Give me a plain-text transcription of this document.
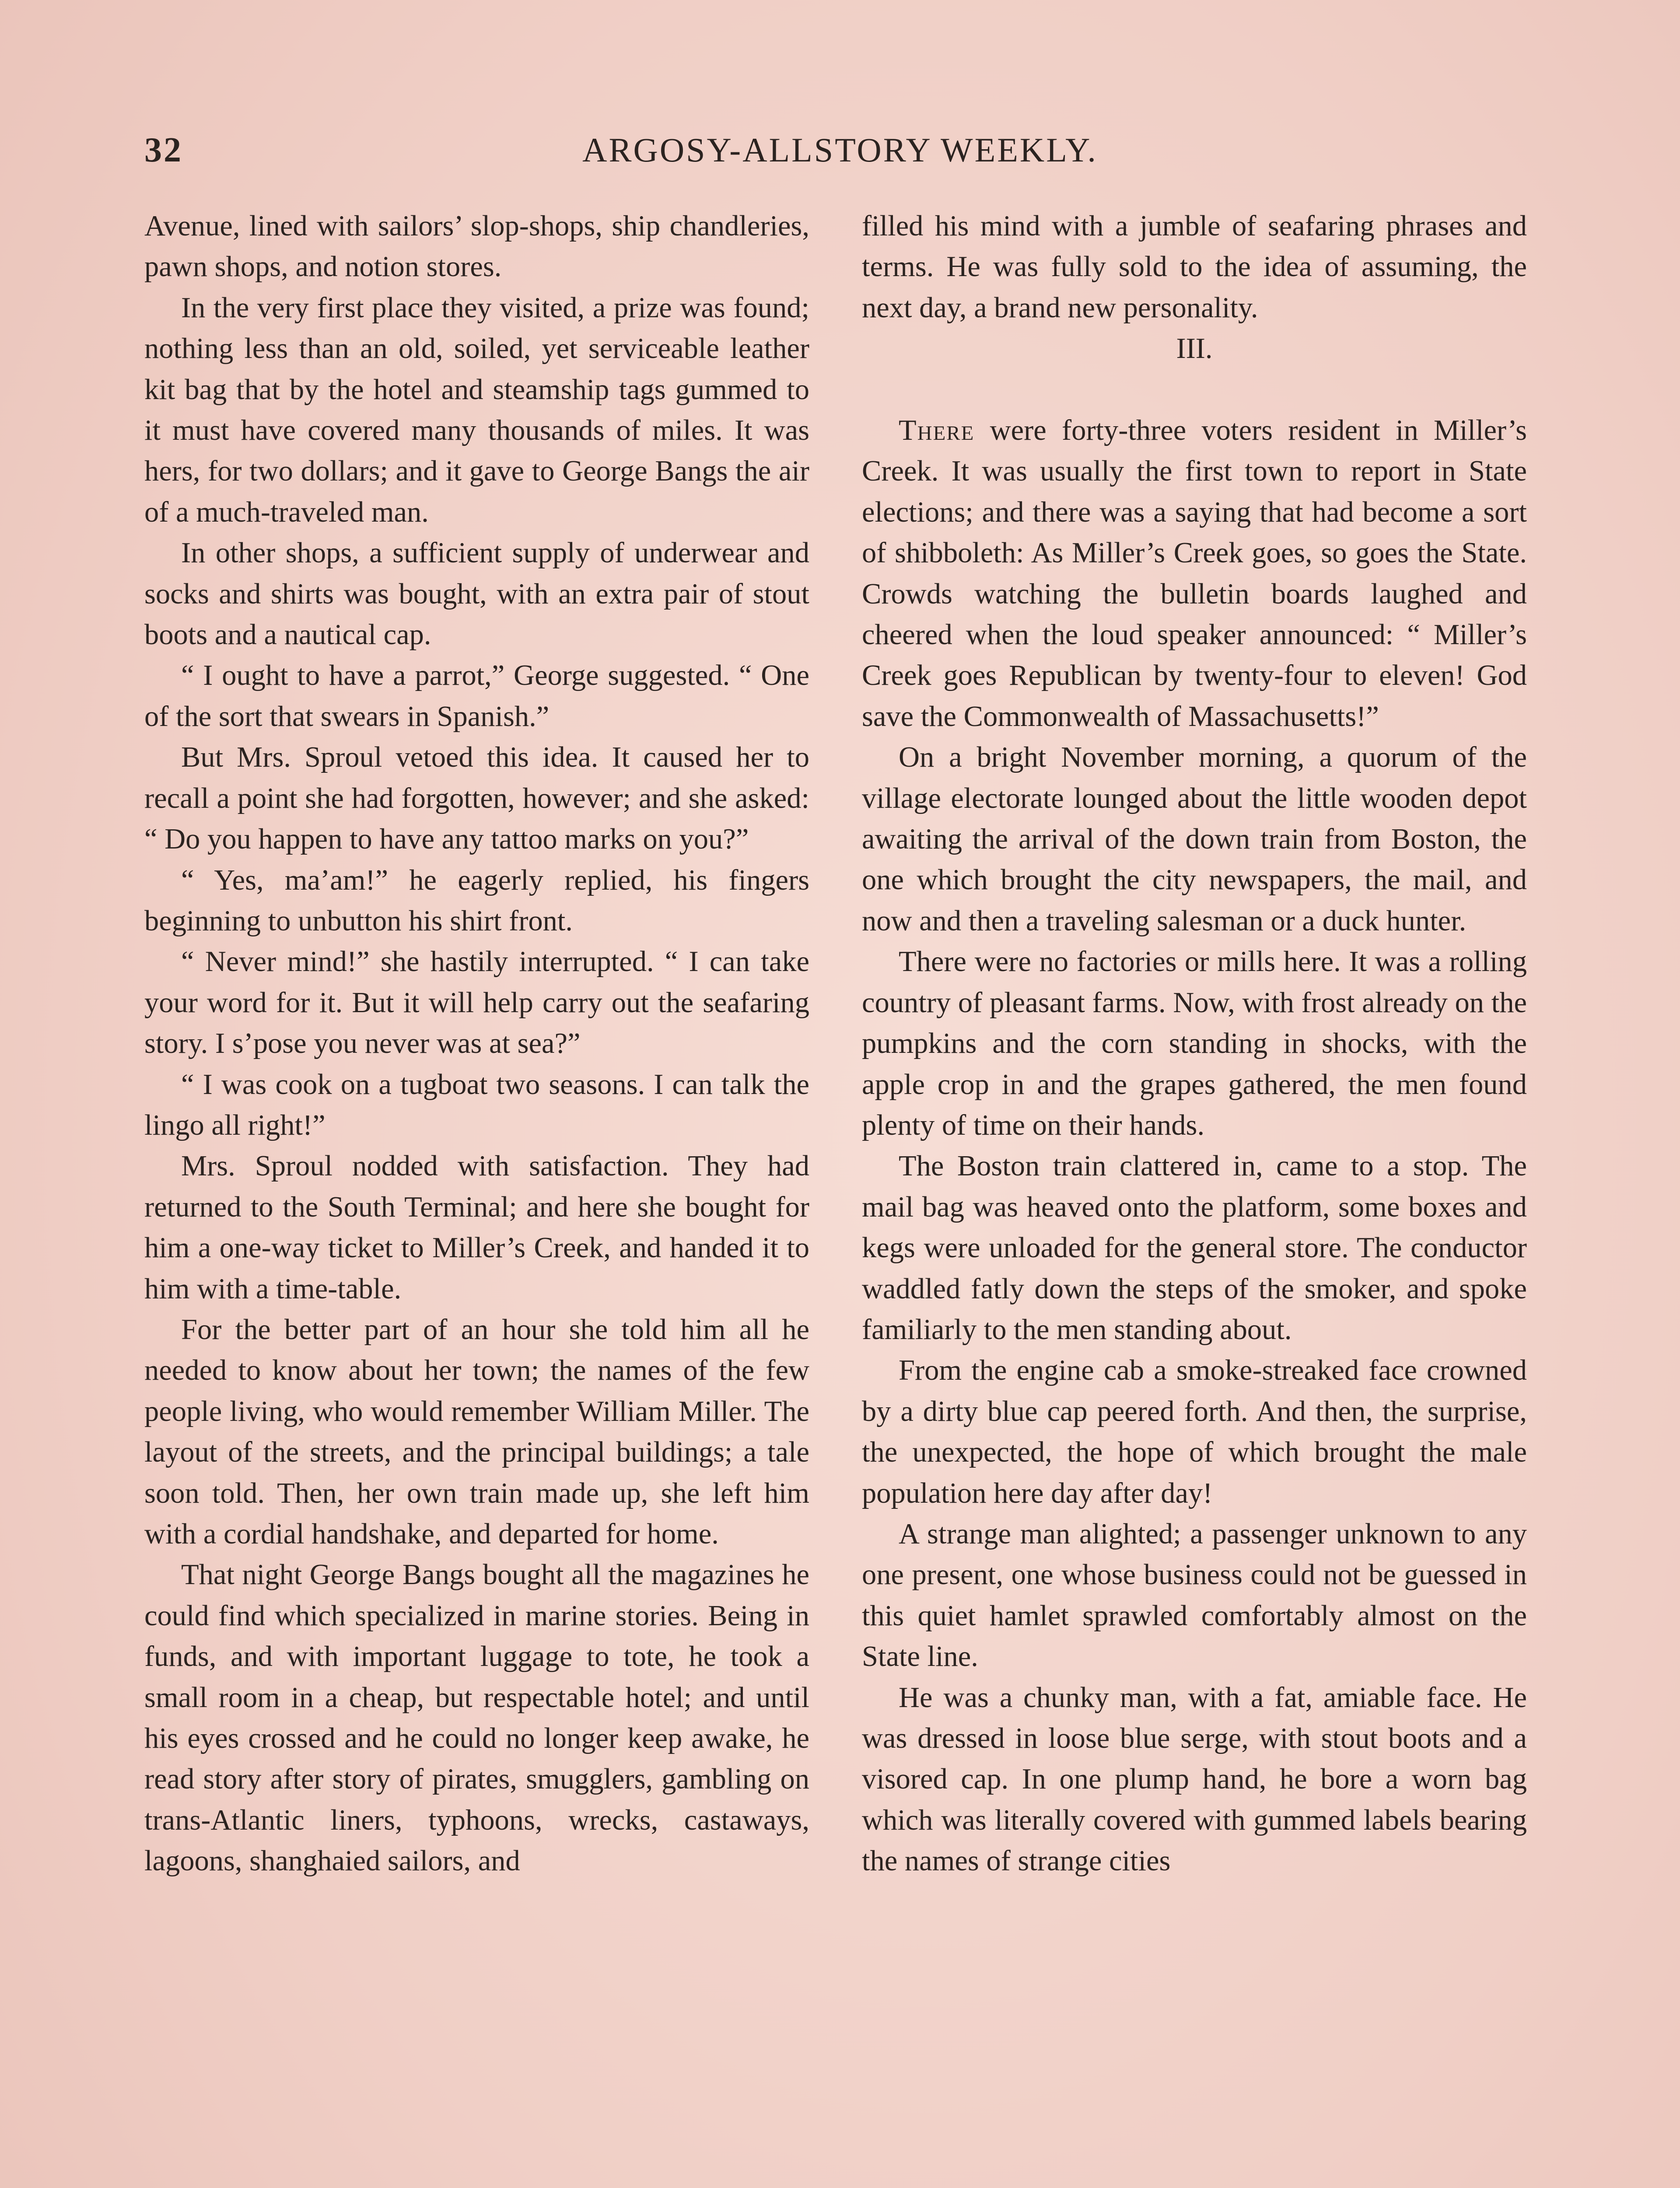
32	ARGOSY-ALLSTORY WEEKLY.

Avenue, lined with sailors’ slop-shops, ship chandleries, pawn shops, and notion stores.

In the very first place they visited, a prize was found; nothing less than an old, soiled, yet serviceable leather kit bag that by the hotel and steamship tags gummed to it must have covered many thousands of miles. It was hers, for two dollars; and it gave to George Bangs the air of a much-traveled man.

In other shops, a sufficient supply of underwear and socks and shirts was bought, with an extra pair of stout boots and a nautical cap.

“ I ought to have a parrot,” George suggested. “ One of the sort that swears in Spanish.”

But Mrs. Sproul vetoed this idea. It caused her to recall a point she had forgotten, however; and she asked: “ Do you happen to have any tattoo marks on you?”

“ Yes, ma’am!” he eagerly replied, his fingers beginning to unbutton his shirt front.

“ Never mind!” she hastily interrupted. “ I can take your word for it. But it will help carry out the seafaring story. I s’pose you never was at sea?”

“ I was cook on a tugboat two seasons. I can talk the lingo all right!”

Mrs. Sproul nodded with satisfaction. They had returned to the South Terminal; and here she bought for him a one-way ticket to Miller’s Creek, and handed it to him with a time-table.

For the better part of an hour she told him all he needed to know about her town; the names of the few people living, who would remember William Miller. The layout of the streets, and the principal buildings; a tale soon told. Then, her own train made up, she left him with a cordial handshake, and departed for home.

That night George Bangs bought all the magazines he could find which specialized in marine stories. Being in funds, and with important luggage to tote, he took a small room in a cheap, but respectable hotel; and until his eyes crossed and he could no longer keep awake, he read story after story of pirates, smugglers, gambling on trans-Atlantic liners, typhoons, wrecks, castaways, lagoons, shanghaied sailors, and

filled his mind with a jumble of seafaring phrases and terms. He was fully sold to the idea of assuming, the next day, a brand new personality.

III.

There were forty-three voters resident in Miller’s Creek. It was usually the first town to report in State elections; and there was a saying that had become a sort of shibboleth: As Miller’s Creek goes, so goes the State. Crowds watching the bulletin boards laughed and cheered when the loud speaker announced: “ Miller’s Creek goes Republican by twenty-four to eleven! God save the Commonwealth of Massachusetts!”

On a bright November morning, a quorum of the village electorate lounged about the little wooden depot awaiting the arrival of the down train from Boston, the one which brought the city newspapers, the mail, and now and then a traveling salesman or a duck hunter.

There were no factories or mills here. It was a rolling country of pleasant farms. Now, with frost already on the pumpkins and the corn standing in shocks, with the apple crop in and the grapes gathered, the men found plenty of time on their hands.

The Boston train clattered in, came to a stop. The mail bag was heaved onto the platform, some boxes and kegs were unloaded for the general store. The conductor waddled fatly down the steps of the smoker, and spoke familiarly to the men standing about.

From the engine cab a smoke-streaked face crowned by a dirty blue cap peered forth. And then, the surprise, the unexpected, the hope of which brought the male population here day after day!

A strange man alighted; a passenger unknown to any one present, one whose business could not be guessed in this quiet hamlet sprawled comfortably almost on the State line.

He was a chunky man, with a fat, amiable face. He was dressed in loose blue serge, with stout boots and a visored cap. In one plump hand, he bore a worn bag which was literally covered with gummed labels bearing the names of strange cities
